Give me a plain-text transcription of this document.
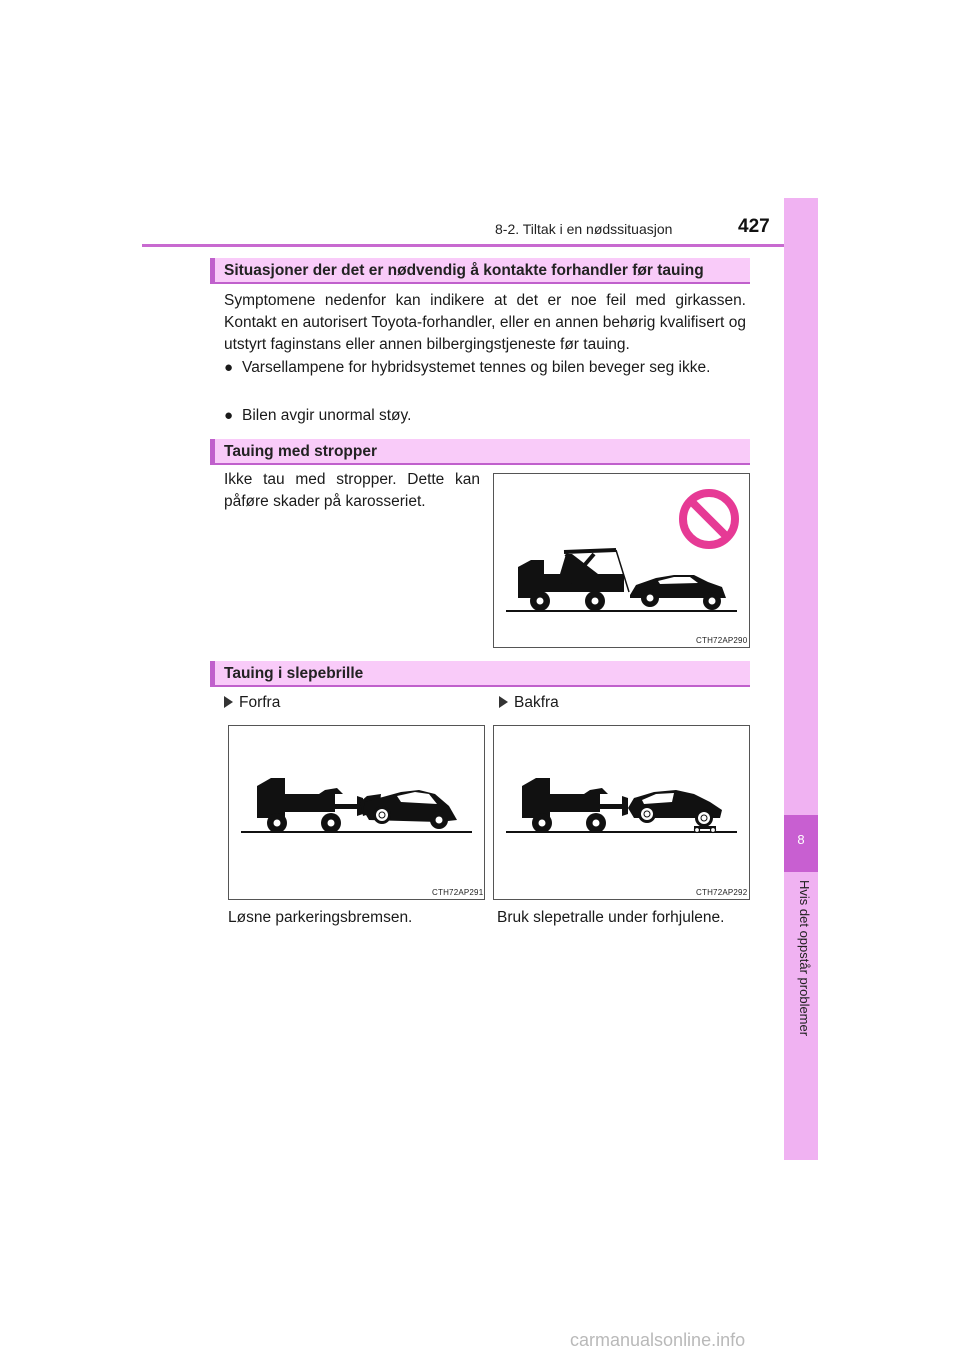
8-2. Tiltak i en nødssituasjon	427
8
Hvis det oppstår problemer
Situasjoner der det er nødvendig å kontakte forhandler før tauing
Symptomene nedenfor kan indikere at det er noe feil med girkassen. Kontakt en autorisert Toyota-forhandler, eller en annen behørig kvalifisert og utstyrt faginstans eller annen bilbergingstjeneste før tauing.
● Varsellampene for hybridsystemet tennes og bilen beveger seg ikke.
● Bilen avgir unormal støy.
Tauing med stropper
Ikke tau med stropper. Dette kan påføre skader på karosseriet.
CTH72AP290
Tauing i slepebrille
Forfra	Bakfra
CTH72AP291	CTH72AP292
Løsne parkeringsbremsen.	Bruk slepetralle under forhjulene.
carmanualsonline.info
